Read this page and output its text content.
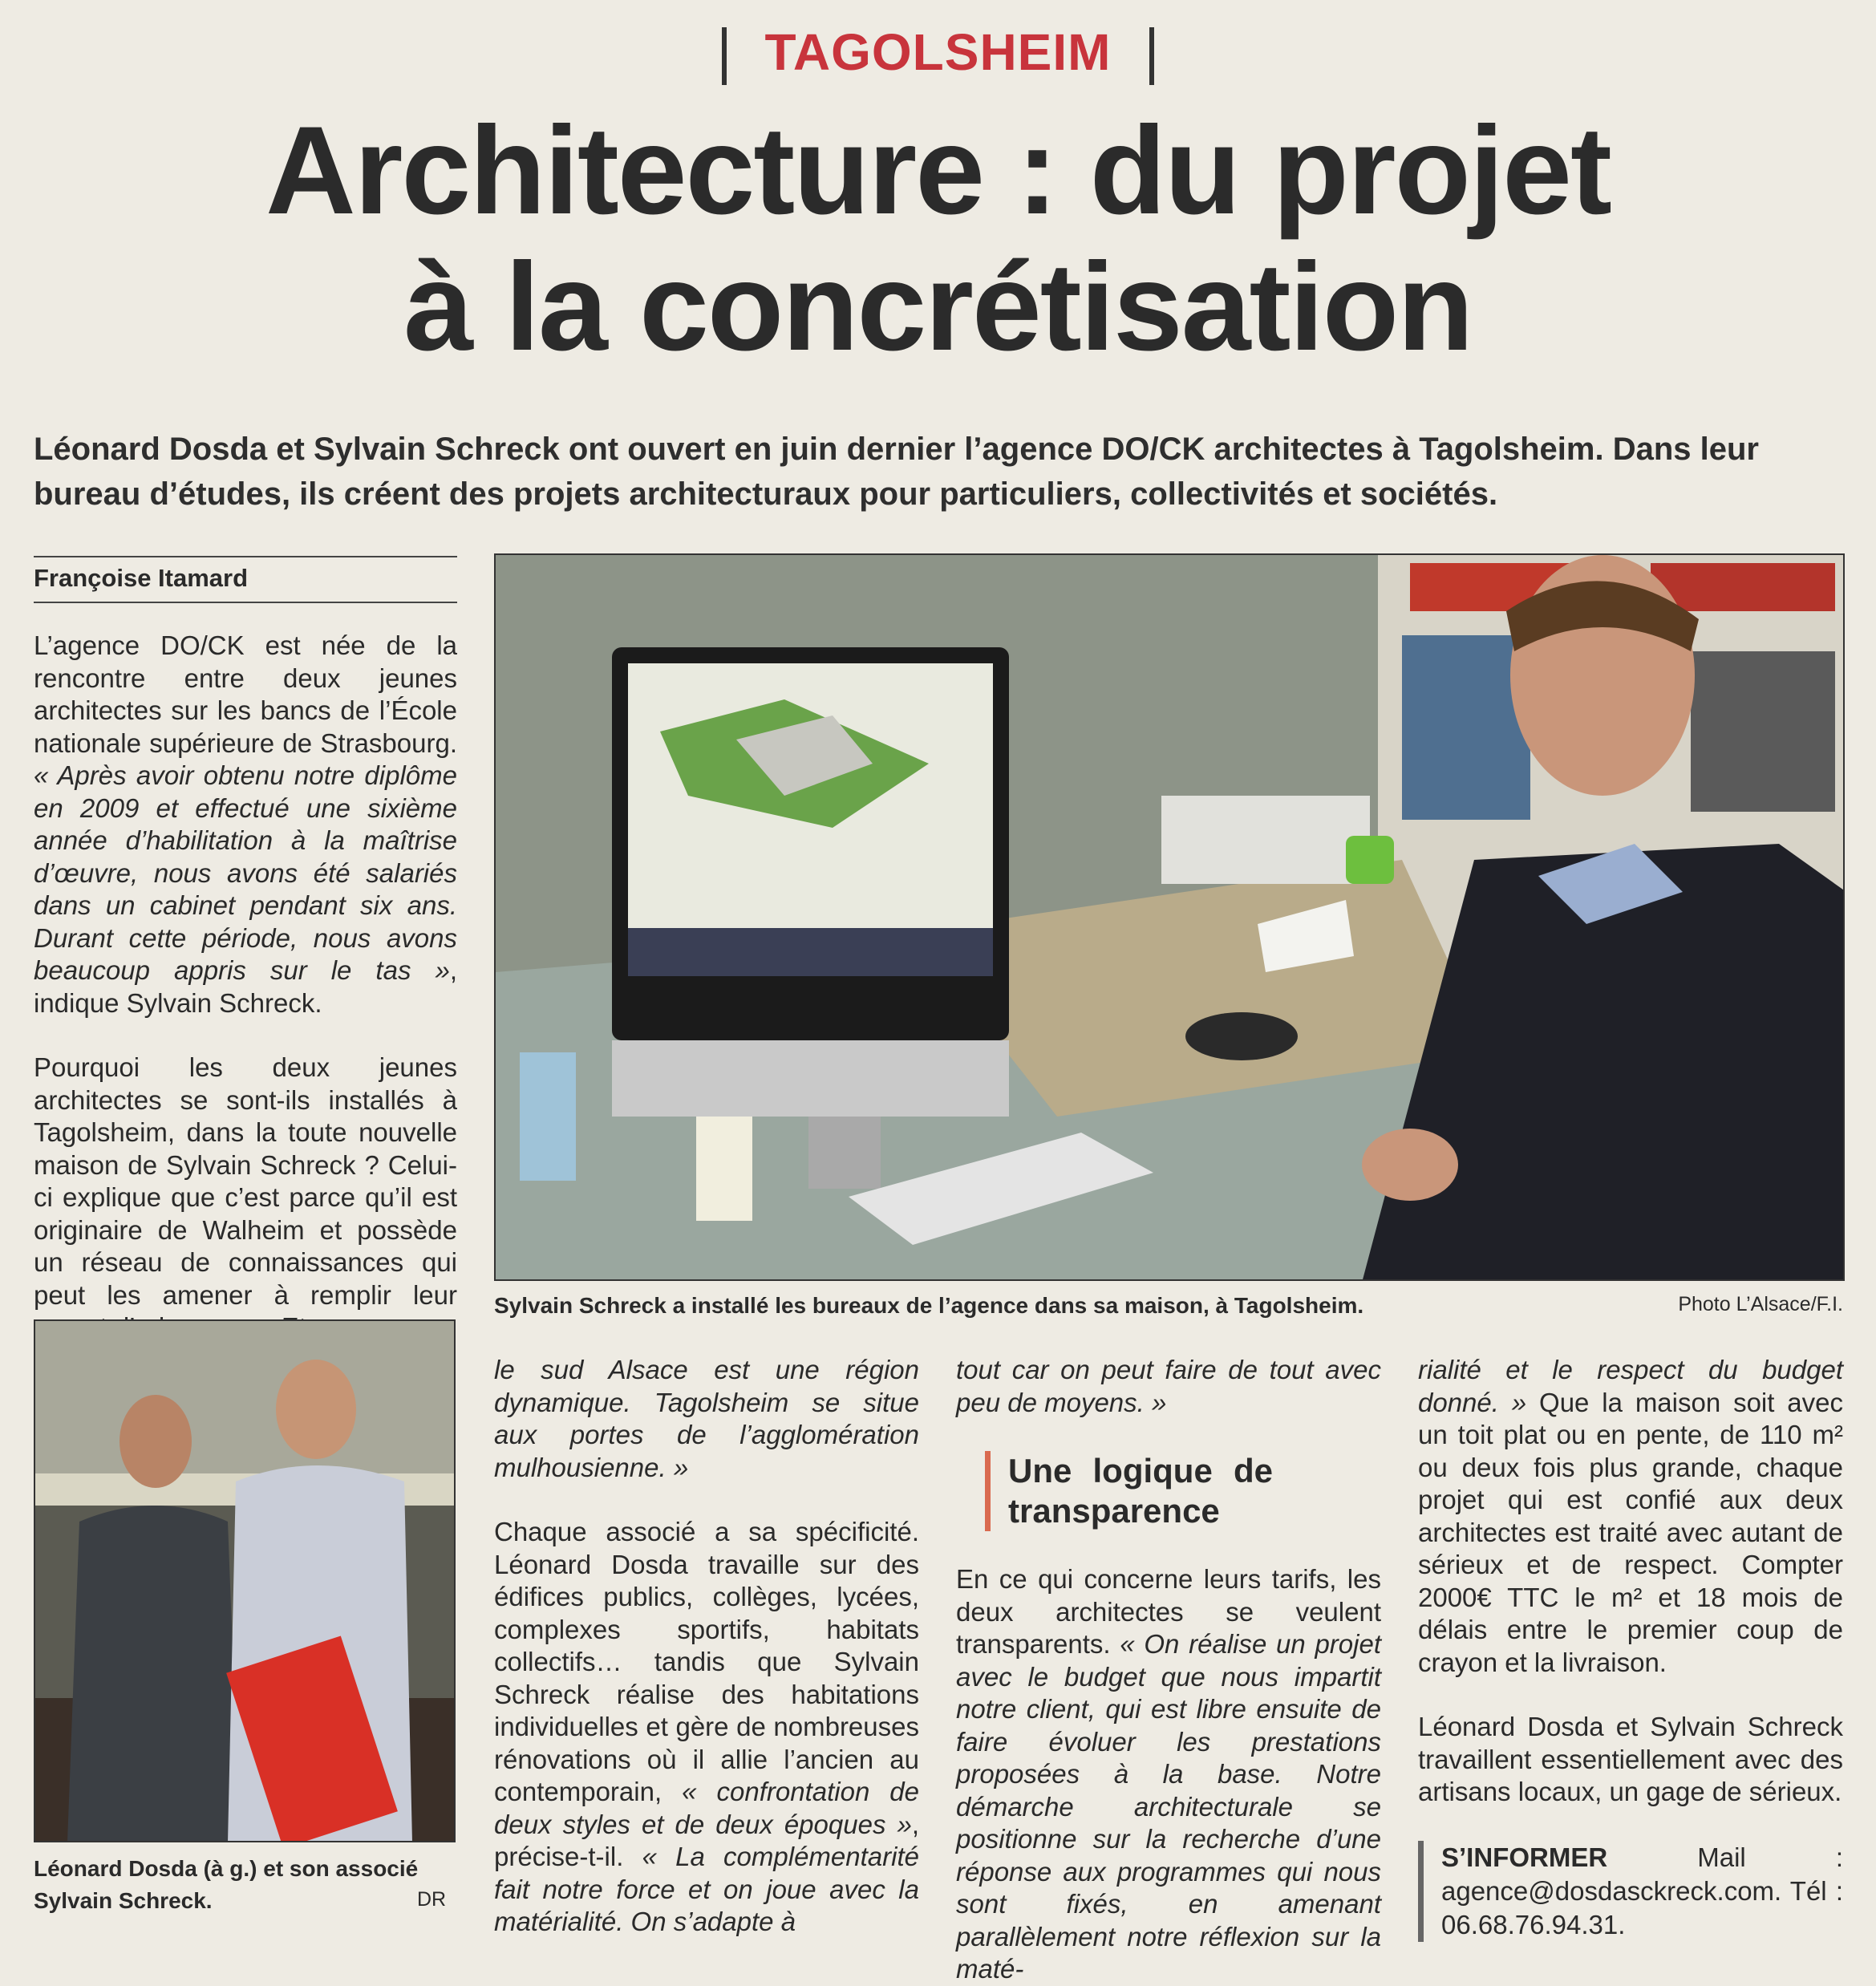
TAGOLSHEIM
Architecture : du projet
à la concrétisation
Léonard Dosda et Sylvain Schreck ont ouvert en juin dernier l’agence DO/CK architectes à Tagolsheim. Dans leur bureau d’études, ils créent des projets architecturaux pour particuliers, collectivités et sociétés.
Françoise Itamard

L’agence DO/CK est née de la rencontre entre deux jeunes architectes sur les bancs de l’École nationale supérieure de Strasbourg. « Après avoir obtenu notre diplôme en 2009 et effectué une sixième année d’habilitation à la maîtrise d’œuvre, nous avons été salariés dans un cabinet pendant six ans. Durant cette période, nous avons beaucoup appris sur le tas », indique Sylvain Schreck.

Pourquoi les deux jeunes architectes se sont-ils installés à Tagolsheim, dans la toute nouvelle maison de Sylvain Schreck ? Celui-ci explique que c’est parce qu’il est originaire de Walheim et possède un réseau de connaissances qui peut les amener à remplir leur Sylvain Schreck a installé les bureaux de l’agence dans sa maison, à Tagolsheim.	Photo L’Alsace/F.I.
Léonard Dosda (à g.) et son associé Sylvain Schreck.	DR

le sud Alsace est une région dynamique. Tagolsheim se situe aux portes de l’agglomération mulhousienne. »

Chaque associé a sa spécificité. Léonard Dosda travaille sur des édifices publics, collèges, lycées, complexes sportifs, habitats collectifs… tandis que Sylvain Schreck réalise des habitations individuelles et gère de nombreuses rénovations où il allie l’ancien au contemporain, « confrontation de deux styles et de deux époques », précise-t-il. « La complémentarité fait notre force et on joue avec la matérialité. On s’adapte à

tout car on peut faire de tout avec peu de moyens. »

Une logique de transparence

En ce qui concerne leurs tarifs, les deux architectes se veulent transparents. « On réalise un projet avec le budget que nous impartit notre client, qui est libre ensuite de faire évoluer les prestations proposées à la base. Notre démarche architecturale se positionne sur la recherche d’une réponse aux programmes qui nous sont fixés, en amenant parallèlement notre réflexion sur la maté-

rialité et le respect du budget donné. » Que la maison soit avec un toit plat ou en pente, de 110 m² ou deux fois plus grande, chaque projet qui est confié aux deux architectes est traité avec autant de sérieux et de respect. Compter 2000€ TTC le m² et 18 mois de délais entre le premier coup de crayon et la livraison.

Léonard Dosda et Sylvain Schreck travaillent essentiellement avec des artisans locaux, un gage de sérieux.

S’INFORMER	Mail : agence@dosdasckreck.com. Tél : 06.68.76.94.31.
